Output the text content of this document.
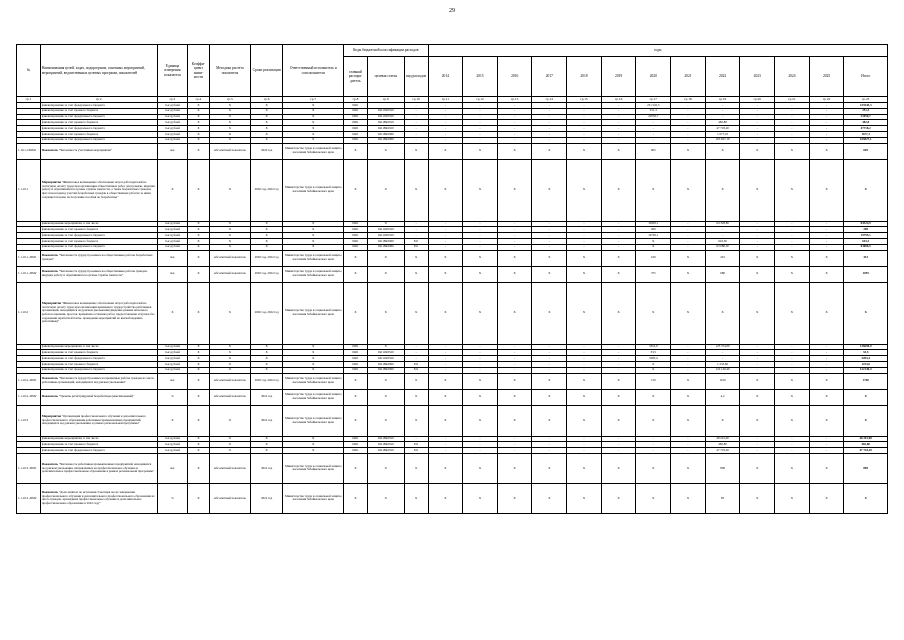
29
№	Наименования целей, задач, подпрограмм, основных мероприятий, мероприятий, ведомственных целевых программ, показателей	Единица измерения показателя	Коэффи-циент значи-мости	Методика расчета показателя	Сроки реализации	Ответственный исполнитель и соисполнители	Коды бюджетной классификации расходов			годы												
							главный распоря-дитель	целевая статья	вид расходов	2014	2015	2016	2017	2018	2019	2020	2021	2022	2023	2024	2025	Итого
гр.1	гр.2	гр.3	гр.4	гр.5	гр.6	гр.7	гр.8	гр.9	гр.10	гр.11	гр.12	гр.13	гр.14	гр.15	гр.16	гр.17	гр.18	гр.19	гр.20	гр.21	гр.22	гр.23
	финансирование за счет федерального бюджета	тыс.рублей	X	X	X	X	0401		-	-	-	-	-	-	-	231 545,3	-	-	-	-	-	233545,3
	финансирование за счет краевого бюджета	тыс.рублей	X	X	X	X	0401	04111R0520	-	-	-	-	-	-	-	251,3	-	-	-	-	-	251,3
	финансирование за счет федерального бюджета	тыс.рублей	X	X	X	X	0401	04111R0520	-	-	-	-	-	-	-	22050,7	-	-	-	-	-	22050,7
	финансирование за счет краевого бюджета	тыс.рублей	X	X	X	X	0401	04118R2910	-	-	-	-	-	-	-	-	-	482,80	-	-	-	482,8
	финансирование за счет федерального бюджета	тыс.рублей	X	X	X	X	0401	04118R2910	-	-	-	-	-	-	-	-	-	47 718,20	-	-	-	47718,2
	финансирование за счет краевого бюджета	тыс.рублей	X	X	X	X	0401	04118R2900	-	-	-	-	-	-	-	-	-	1 677,10	-	-	-	1677,1
	финансирование за счет федерального бюджета	тыс.рублей	X	X	X	X	0401	04118R2900	-	-	-	-	-	-	-	-	-	165 827,10	-	-	-	165827,1
1.10.1.-ПОМ1	Показатель "Численность участников мероприятия"	чел.	X	Абсолютный показатель	2020 год	Министерство труда и социальной защиты населения Забайкальского края	X	X	X	X	X	X	X	X	X	605	X	X	X	X	X	605
1.1.10.1	Мероприятие "Финансовое возмещение/ обеспечение затрат работодателей на частичную оплату труда при организации общественных работ для граждан, ищущих работу и обратившихся в органы службы занятости, а также безработных граждан, при этом в период участия безработных граждан в общественных работах за ними сохраняется право на получение пособия по безработице"	X	X	X	2020 год, 2022 год	Министерство труда и социальной защиты населения Забайкальского края	X	X	X	X	X	X	X	X	X	X	X	X	X	X	X	X
	финансирование мероприятия, в том числе	тыс.рублей	X	X	X	X	0401	X	-	-	-	-	-	-	-	19995,1	-	64 328,80	-	-	-	84324,9
	финансирование за счет краевого бюджета	тыс.рублей	X	X	X	X	0401	04111R0520	-	-	-	-	-	-	-	200	-	-	-	-	-	200
	финансирование за счет федерального бюджета	тыс.рублей	X	X	X	X	0401	04111R0520	-	-	-	-	-	-	-	19795,1	-	-	-	-	-	19795,1
	финансирование за счет краевого бюджета	тыс.рублей	X	X	X	X	0401	04118R2900	811	-	-	-	-	-	-	X	-	643,30	-	-	-	643,3
	финансирование за счет федерального бюджета	тыс.рублей	X	X	X	X	0401	04118R2900	811	-	-	-	-	-	-	X	-	63 686,50	-	-	-	63686,5
1.1.10.1.-ПМ1	Показатель "Численность трудоустроенных на общественные работы безработных граждан"	чел.	X	Абсолютный показатель	2020 год, 2022 год	Министерство труда и социальной защиты населения Забайкальского края	X	X	X	X	X	X	X	X	X	160	X	291	X	X	X	451
1.1.10.1.-ПМ2	Показатель "Численность трудоустроенных на общественные работы граждан, ищущих работу и обратившихся в органы службы занятости"	чел.	X	Абсолютный показатель	2020 год, 2022 год	Министерство труда и социальной защиты населения Забайкальского края	X	X	X	X	X	X	X	X	X	375	X	680	X	X	X	1055
1.1.10.2	Мероприятие "Финансовое возмещение/ обеспечение затрат работодателей на частичную оплату труда при организации временного трудоустройства работников организаций, находящихся под риском увольнения (введение режима неполного рабочего времени, простоя, временная остановка работ, предоставление отпусков без сохранения заработной платы, проведение мероприятий по высвобождению работников)"	X	X	X	2020 год, 2022 год	Министерство труда и социальной защиты населения Забайкальского края	X	X	X	X	X	X	X	X	X	X	X	X	X	X	X	X
	финансирование мероприятия, в том числе	тыс.рублей	X	X	X	X	0401	X	-	-	-	-	-	-	-	3316,9	-	123 374,00	-	-	-	126690,9
	финансирование за счет краевого бюджета	тыс.рублей	X	X	X	X	0401	04111R0520	-	-	-	-	-	-	-	33,5	-	-	-	-	-	33,5
	финансирование за счет федерального бюджета	тыс.рублей	X	X	X	X	0401	04111R0520	-	-	-	-	-	-	-	3283,4	-	-	-	-	-	3283,4
	финансирование за счет краевого бюджета	тыс.рублей	X	X	X	X	0401	04118R2900	811	-	-	-	-	-	-	X	-	1 233,60	-	-	-	1233,6
	финансирование за счет федерального бюджета	тыс.рублей	X	X	X	X	0401	04118R2900	811	-	-	-	-	-	-	X	-	122 140,40	-	-	-	122140,4
1.1.10.2.-ПМ1	Показатель "Численность трудоустроенных на временные работы граждан из числа работников организаций, находящихся под риском увольнения"	чел.	X	Абсолютный показатель	2020 год, 2022 год	Министерство труда и социальной защиты населения Забайкальского края	X	X	X	X	X	X	X	X	X	150	X	1610	X	X	X	1760
1.1.10.2.-ПМ2	Показатель "Уровень регистрируемой безработицы (максимальный)"	%	X	Абсолютный показатель	2022 год	Министерство труда и социальной защиты населения Забайкальского края	X	X	X	X	X	X	X	X	X	X	X	4,2	X	X	X	X
1.1.10.3	Мероприятие "Организация профессионального обучения и дополнительного профессионального образования работников промышленных предприятий, находящихся под риском увольнения, в рамках региональной программы"	X	X	X	2022 год	Министерство труда и социальной защиты населения Забайкальского края	X	X	X	X	X	X	X	X	X	X	X	X	X	X	X	X
	финансирование мероприятия, в том числе	тыс.рублей	X	X	X	X	0401	04118R2910	-	-	-	-	-	-	-	-	-	48 201,00	-	-	-	48 201,00
	финансирование за счет краевого бюджета	тыс.рублей	X	X	X	X	0401	04118R2910	811	-	-	-	-	-	-	-	-	482,80	-	-	-	482,80
	финансирование за счет федерального бюджета	тыс.рублей	X	X	X	X	0401	04118R2910	811	-	-	-	-	-	-	-	-	47 718,20	-	-	-	47 718,20
1.1.10.3.-ПМ1	Показатель "Численность работников промышленных предприятий, находящихся под риском увольнения, направленных на профессиональное обучение и дополнительное профессиональное образование в рамках региональной программы"	чел.	X	Абсолютный показатель	2022 год	Министерство труда и социальной защиты населения Забайкальского края	X	X	X	X	X	X	X	X	X	X	X	809	X	X	X	809
1.1.10.3.-ПМ2	Показатель "Доля занятых по истечении 3 месяцев после завершения профессионального обучения и дополнительного профессионального образования из числа граждан, прошедших профессиональное обучение и дополнительное профессиональное образование в 2022 году"	%	X	Абсолютный показатель	2022 год	Министерство труда и социальной защиты населения Забайкальского края	X	X	X	X	X	X	X	X	X	X	X	85	X	X	X	X
